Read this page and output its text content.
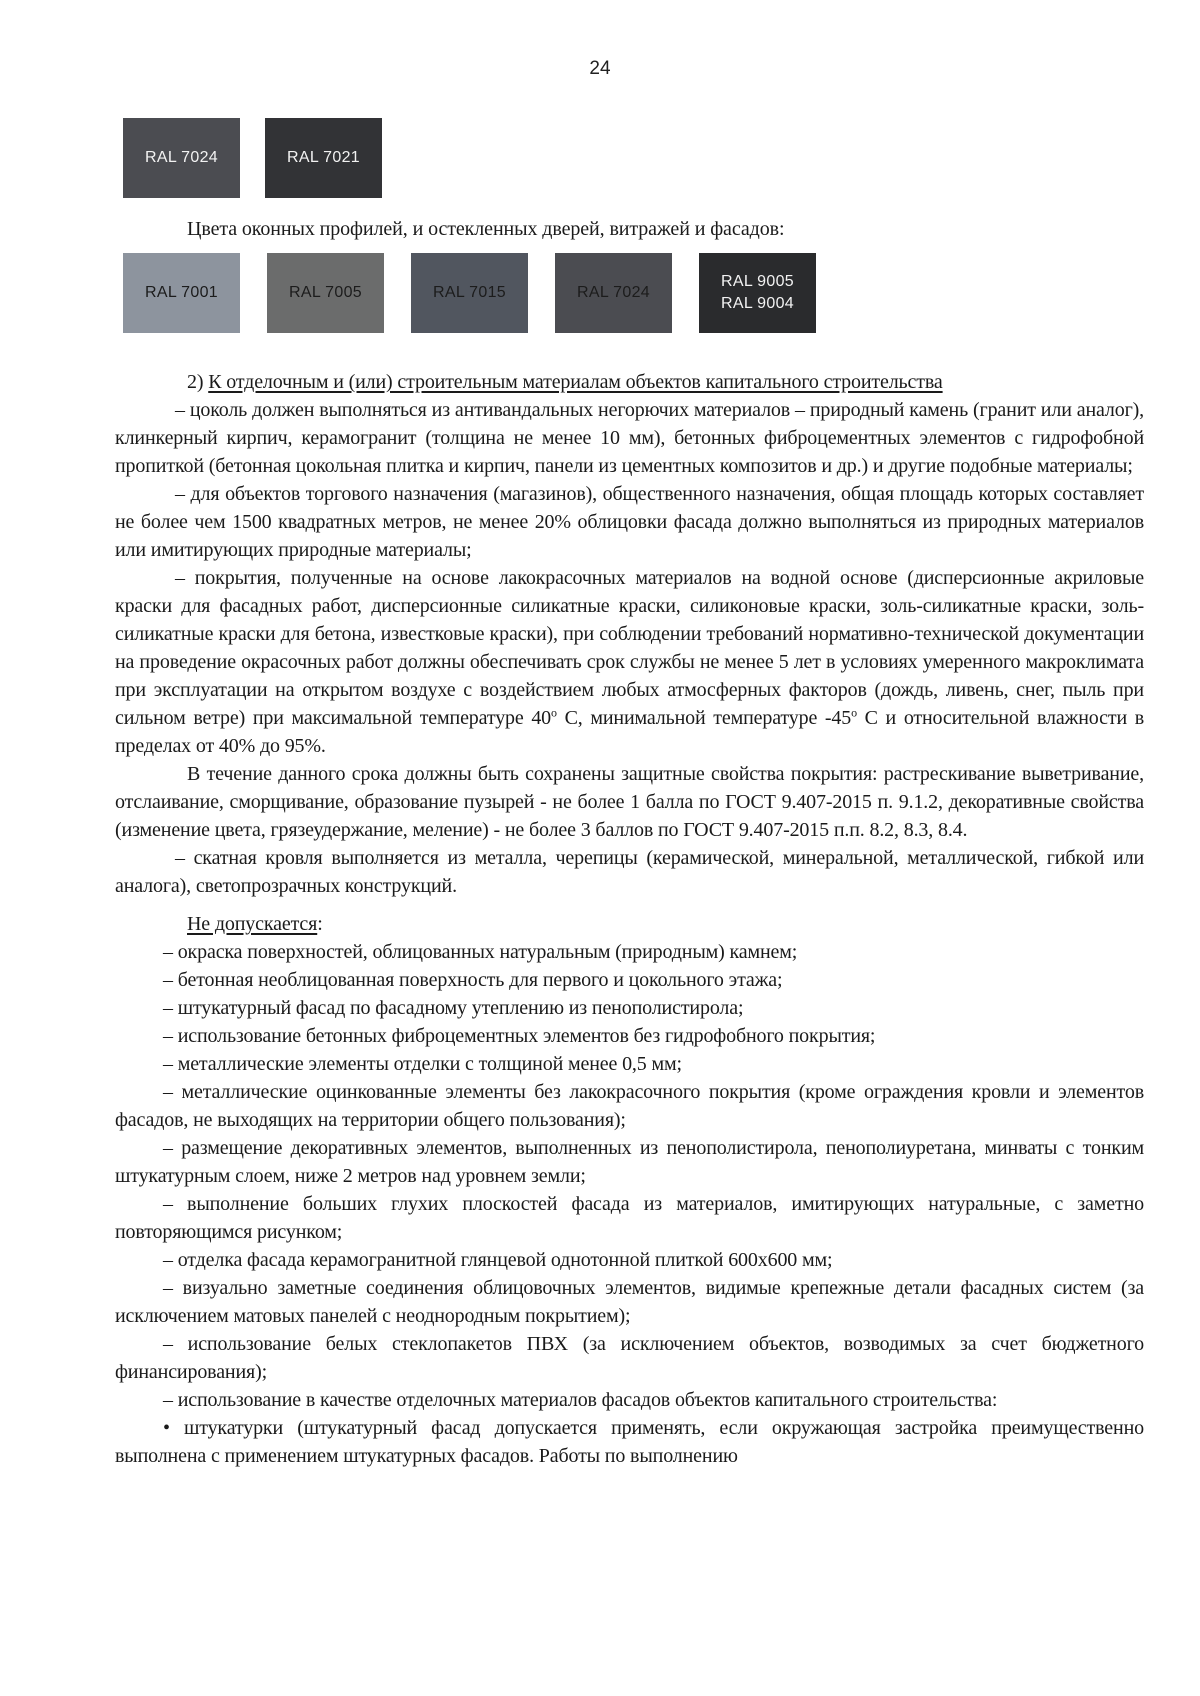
24
RAL 7024	RAL 7021
Цвета оконных профилей, и остекленных дверей, витражей и фасадов:
RAL 7001	RAL 7005	RAL 7015	RAL 7024
RAL 9005
RAL 9004

2) К отделочным и (или) строительным материалам объектов капитального строительства

– цоколь должен выполняться из антивандальных негорючих материалов – природный камень (гранит или аналог), клинкерный кирпич, керамогранит (толщина не менее 10 мм), бетонных фиброцементных элементов с гидрофобной пропиткой (бетонная цокольная плитка и кирпич, панели из цементных композитов и др.) и другие подобные материалы;

– для объектов торгового назначения (магазинов), общественного назначения, общая площадь которых составляет не более чем 1500 квадратных метров, не менее 20% облицовки фасада должно выполняться из природных материалов или имитирующих природные материалы;

– покрытия, полученные на основе лакокрасочных материалов на водной основе (дисперсионные акриловые краски для фасадных работ, дисперсионные силикатные краски, силиконовые краски, золь-силикатные краски, золь-силикатные краски для бетона, известковые краски), при соблюдении требований нормативно-технической документации на проведение окрасочных работ должны обеспечивать срок службы не менее 5 лет в условиях умеренного макроклимата при эксплуатации на открытом воздухе с воздействием любых атмосферных факторов (дождь, ливень, снег, пыль при сильном ветре) при максимальной температуре $40^о$ С, минимальной температуре $-45^о$ С и относительной влажности в пределах от 40% до 95%.

В течение данного срока должны быть сохранены защитные свойства покрытия: растрескивание выветривание, отслаивание, сморщивание, образование пузырей - не более 1 балла по ГОСТ 9.407-2015 п. 9.1.2, декоративные свойства (изменение цвета, грязеудержание, меление) - не более 3 баллов по ГОСТ 9.407-2015 п.п. 8.2, 8.3, 8.4.

– скатная кровля выполняется из металла, черепицы (керамической, минеральной, металлической, гибкой или аналога), светопрозрачных конструкций.

Не допускается:

– окраска поверхностей, облицованных натуральным (природным) камнем;

– бетонная необлицованная поверхность для первого и цокольного этажа;

– штукатурный фасад по фасадному утеплению из пенополистирола;

– использование бетонных фиброцементных элементов без гидрофобного покрытия;

– металлические элементы отделки с толщиной менее 0,5 мм;

– металлические оцинкованные элементы без лакокрасочного покрытия (кроме ограждения кровли и элементов фасадов, не выходящих на территории общего пользования);

– размещение декоративных элементов, выполненных из пенополистирола, пенополиуретана, минваты с тонким штукатурным слоем, ниже 2 метров над уровнем земли;

– выполнение больших глухих плоскостей фасада из материалов, имитирующих натуральные, с заметно повторяющимся рисунком;

– отделка фасада керамогранитной глянцевой однотонной плиткой 600х600 мм;

– визуально заметные соединения облицовочных элементов, видимые крепежные детали фасадных систем (за исключением матовых панелей с неоднородным покрытием);

– использование белых стеклопакетов ПВХ (за исключением объектов, возводимых за счет бюджетного финансирования);

– использование в качестве отделочных материалов фасадов объектов капитального строительства:

• штукатурки (штукатурный фасад допускается применять, если окружающая застройка преимущественно выполнена с применением штукатурных фасадов. Работы по выполнению
